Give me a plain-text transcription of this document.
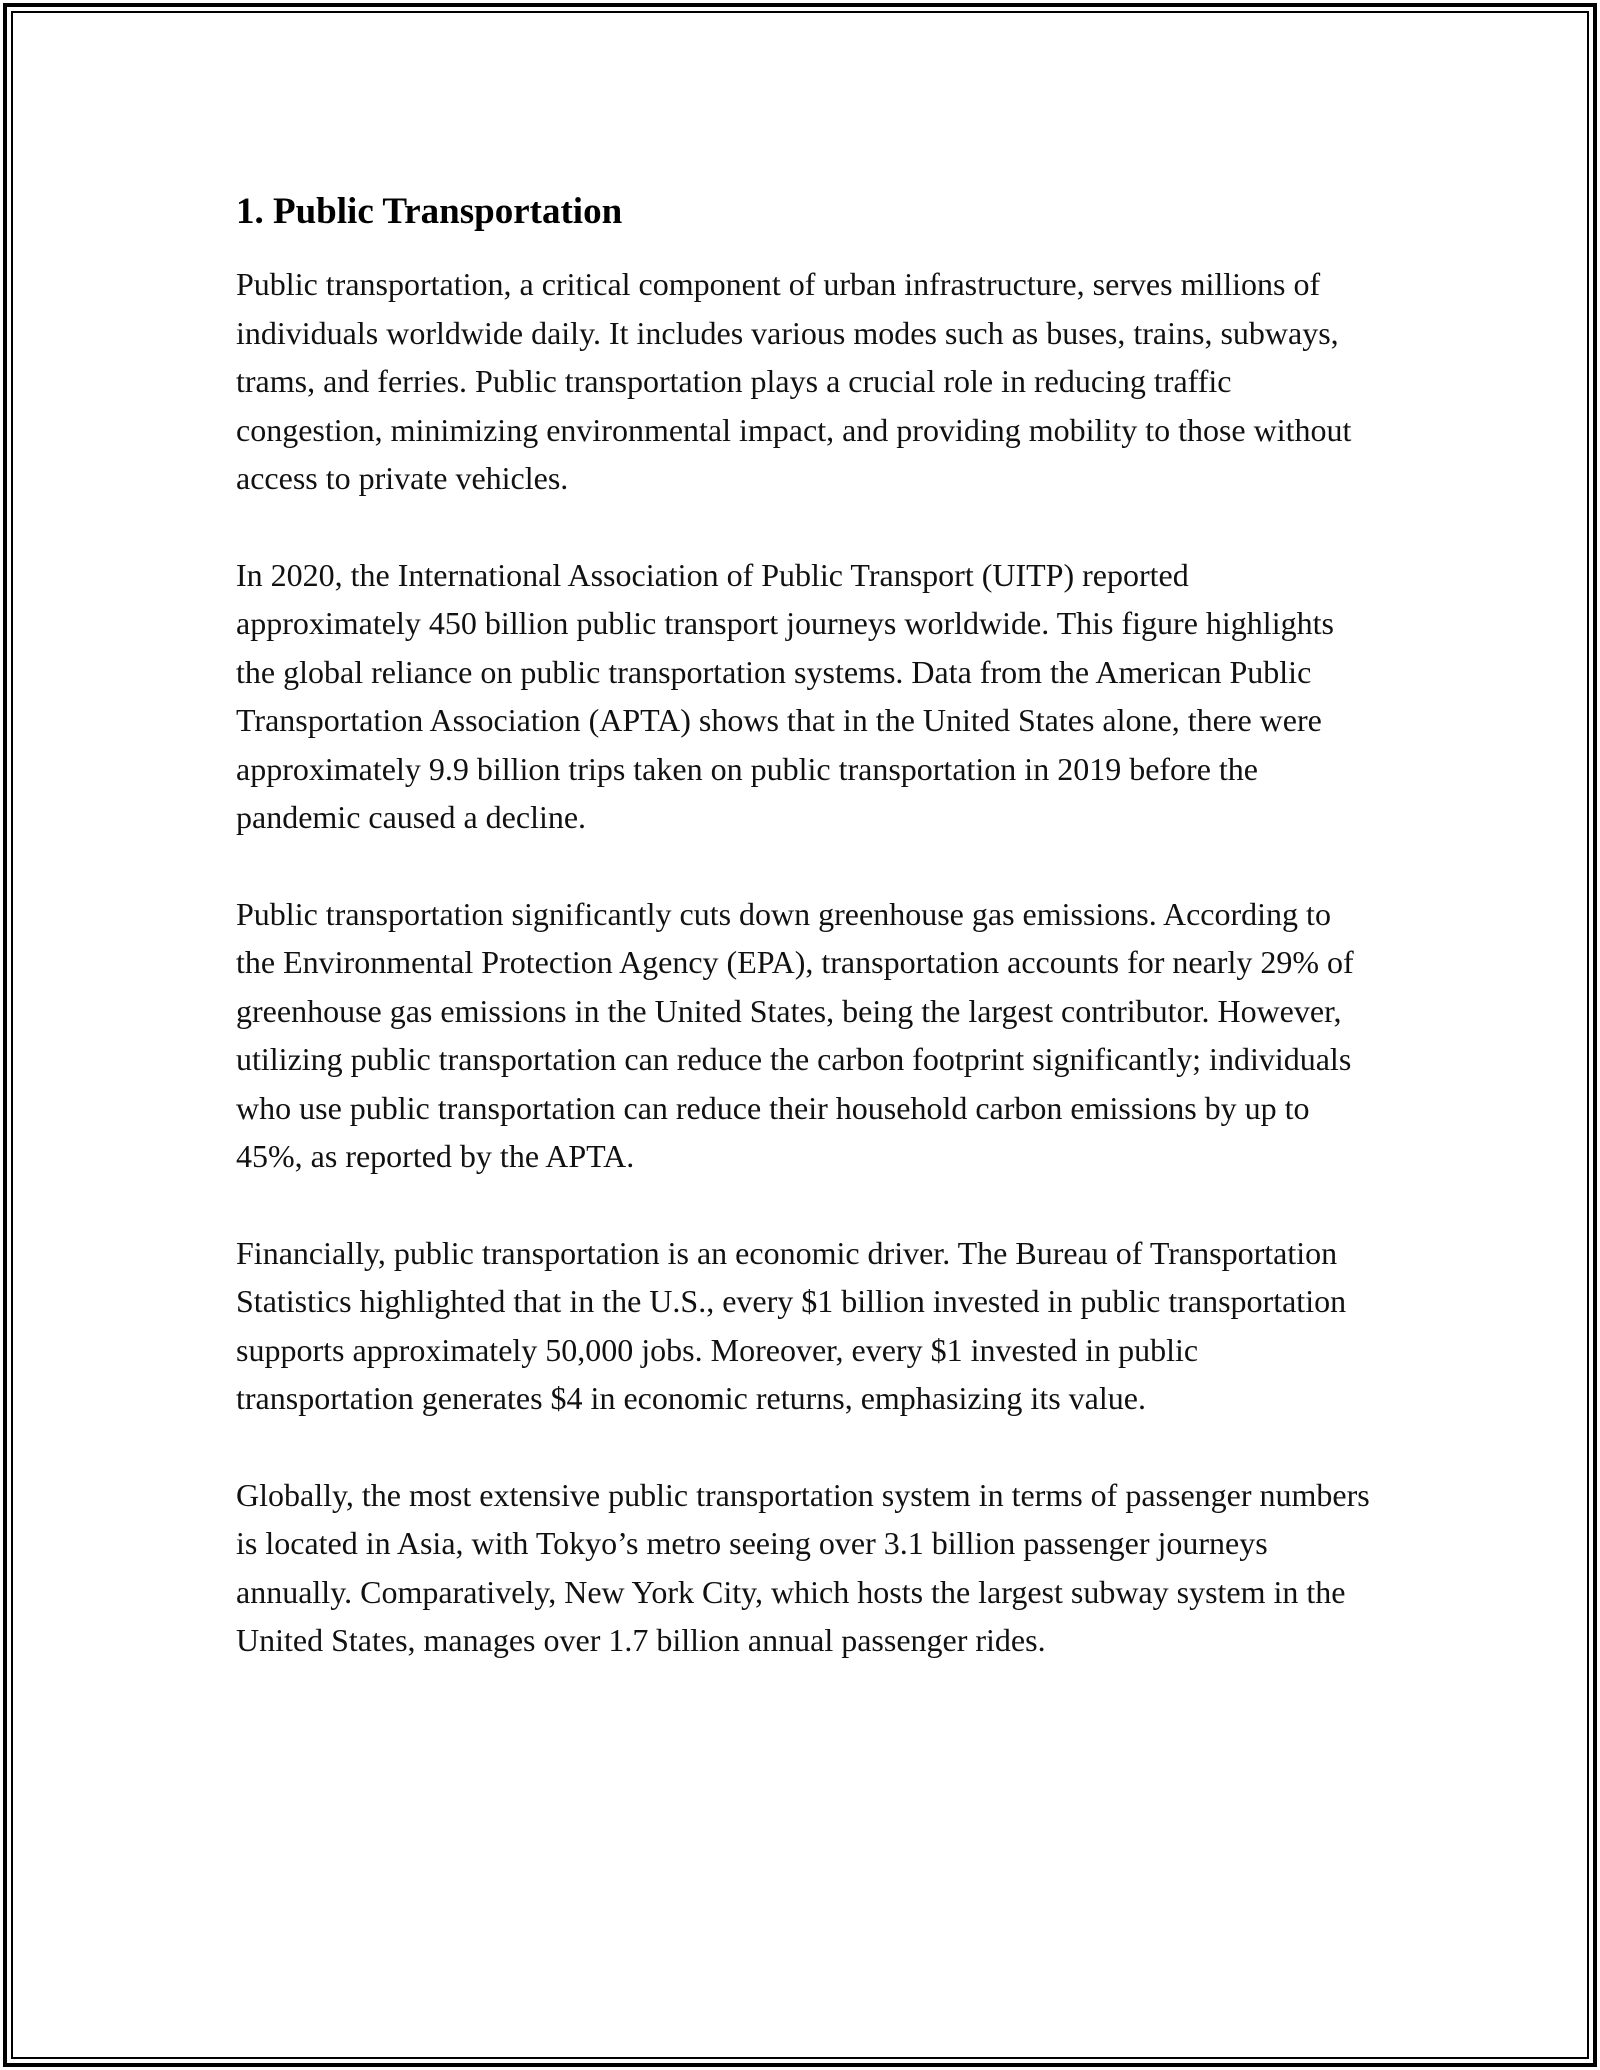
1. Public Transportation

Public transportation, a critical component of urban infrastructure, serves millions of individuals worldwide daily. It includes various modes such as buses, trains, subways, trams, and ferries. Public transportation plays a crucial role in reducing traffic congestion, minimizing environmental impact, and providing mobility to those without access to private vehicles.

In 2020, the International Association of Public Transport (UITP) reported approximately 450 billion public transport journeys worldwide. This figure highlights the global reliance on public transportation systems. Data from the American Public Transportation Association (APTA) shows that in the United States alone, there were approximately 9.9 billion trips taken on public transportation in 2019 before the pandemic caused a decline.

Public transportation significantly cuts down greenhouse gas emissions. According to the Environmental Protection Agency (EPA), transportation accounts for nearly 29% of greenhouse gas emissions in the United States, being the largest contributor. However, utilizing public transportation can reduce the carbon footprint significantly; individuals who use public transportation can reduce their household carbon emissions by up to 45%, as reported by the APTA.

Financially, public transportation is an economic driver. The Bureau of Transportation Statistics highlighted that in the U.S., every $1 billion invested in public transportation supports approximately 50,000 jobs. Moreover, every $1 invested in public transportation generates $4 in economic returns, emphasizing its value.

Globally, the most extensive public transportation system in terms of passenger numbers is located in Asia, with Tokyo’s metro seeing over 3.1 billion passenger journeys annually. Comparatively, New York City, which hosts the largest subway system in the United States, manages over 1.7 billion annual passenger rides.
